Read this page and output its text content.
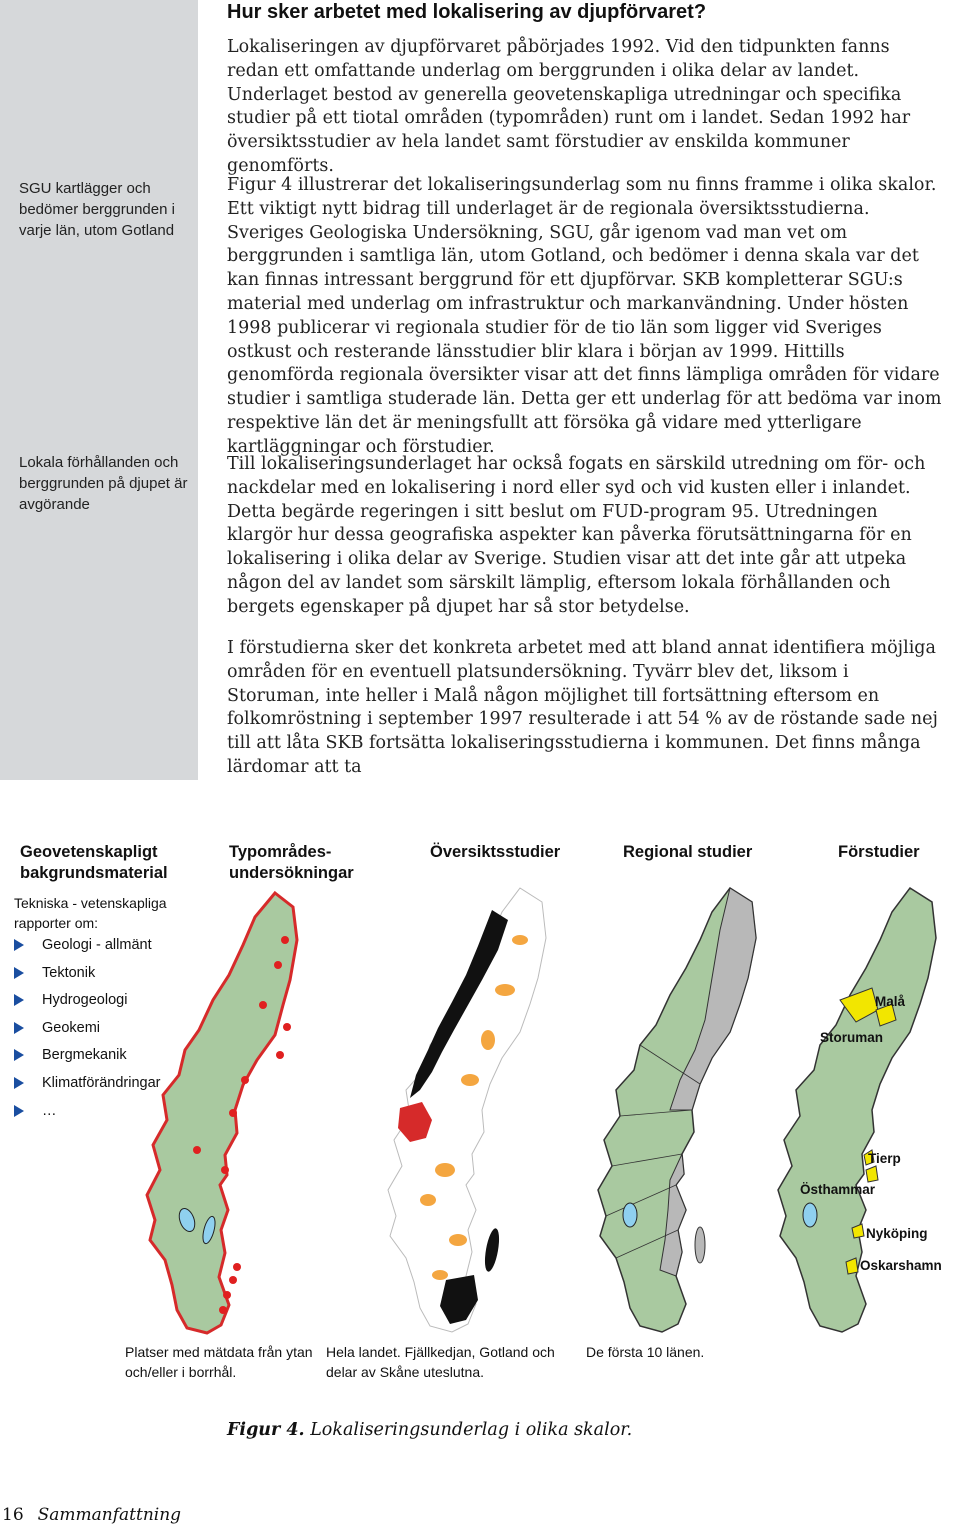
SGU kartlägger och bedömer berggrunden i varje län, utom Gotland
Lokala förhållanden och berggrunden på djupet är avgörande
Hur sker arbetet med lokalisering av djupförvaret?

Lokaliseringen av djupförvaret påbörjades 1992. Vid den tidpunkten fanns redan ett omfattande underlag om berggrunden i olika delar av landet. Underlaget bestod av generella geovetenskapliga utredningar och specifika studier på ett tiotal områden (typområden) runt om i landet. Sedan 1992 har översiktsstudier av hela landet samt förstudier av enskilda kommuner genomförts.

Figur 4 illustrerar det lokaliseringsunderlag som nu finns framme i olika skalor. Ett viktigt nytt bidrag till underlaget är de regionala översiktsstudierna. Sveriges Geologiska Undersökning, SGU, går igenom vad man vet om berggrunden i samtliga län, utom Gotland, och bedömer i denna skala var det kan finnas intressant berggrund för ett djupförvar. SKB kompletterar SGU:s material med underlag om infrastruktur och markanvändning. Under hösten 1998 publicerar vi regionala studier för de tio län som ligger vid Sveriges ostkust och resterande länsstudier blir klara i början av 1999. Hittills genomförda regionala översikter visar att det finns lämpliga områden för vidare studier i samtliga studerade län. Detta ger ett underlag för att bedöma var inom respektive län det är meningsfullt att försöka gå vidare med ytterligare kartläggningar och förstudier.

Till lokaliseringsunderlaget har också fogats en särskild utredning om för- och nackdelar med en lokalisering i nord eller syd och vid kusten eller i inlandet. Detta begärde regeringen i sitt beslut om FUD-program 95. Utredningen klargör hur dessa geografiska aspekter kan påverka förutsättningarna för en lokalisering i olika delar av Sverige. Studien visar att det inte går att utpeka någon del av landet som särskilt lämplig, eftersom lokala förhållanden och bergets egenskaper på djupet har så stor betydelse.

I förstudierna sker det konkreta arbetet med att bland annat identifiera möjliga områden för en eventuell platsundersökning. Tyvärr blev det, liksom i Storuman, inte heller i Malå någon möjlighet till fortsättning eftersom en folkomröstning i september 1997 resulterade i att 54 % av de röstande sade nej till att låta SKB fortsätta lokaliseringsstudierna i kommunen. Det finns många lärdomar att ta

Geovetenskapligt bakgrundsmaterial
Typområdes-undersökningar
Översiktsstudier	Regional studier	Förstudier
Tekniska - vetenskapliga rapporter om:
Geologi - allmänt
Tektonik
Hydrogeologi
Geokemi
Bergmekanik
Klimatförändringar
…
Platser med mätdata från ytan och/eller i borrhål.
Hela landet. Fjällkedjan, Gotland och delar av Skåne uteslutna.
De första 10 länen.
Malå
Storuman
Tierp
Östhammar
Nyköping
Oskarshamn
Figur 4. Lokaliseringsunderlag i olika skalor.
16 Sammanfattning
